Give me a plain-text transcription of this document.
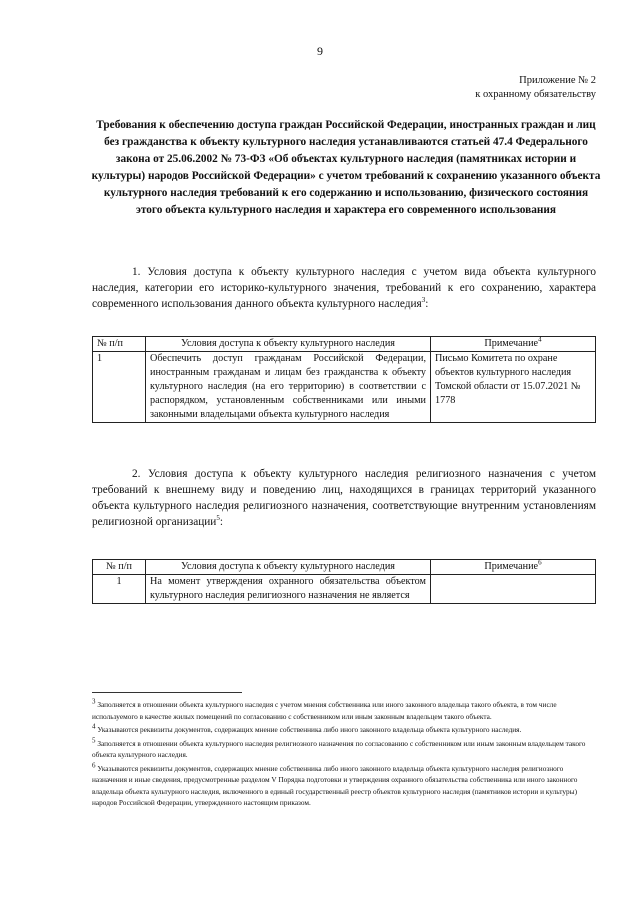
9
Приложение № 2
к охранному обязательству
Требования к обеспечению доступа граждан Российской Федерации, иностранных граждан и лиц без гражданства к объекту культурного наследия устанавливаются статьей 47.4 Федерального закона от 25.06.2002 № 73-ФЗ «Об объектах культурного наследия (памятниках истории и культуры) народов Российской Федерации» с учетом требований к сохранению указанного объекта культурного наследия требований к его содержанию и использованию, физического состояния этого объекта культурного наследия и характера его современного использования
1. Условия доступа к объекту культурного наследия с учетом вида объекта культурного наследия, категории его историко-культурного значения, требований к его сохранению, характера современного использования данного объекта культурного наследия$^3$:
№ п/п	Условия доступа к объекту культурного наследия	Примечание$^4$
1	Обеспечить доступ гражданам Российской Федерации, иностранным гражданам и лицам без гражданства к объекту культурного наследия (на его территорию) в соответствии с распорядком, установленным собственниками или иными законными владельцами объекта культурного наследия	Письмо Комитета по охране объектов культурного наследия Томской области от 15.07.2021 № 1778
2. Условия доступа к объекту культурного наследия религиозного назначения с учетом требований к внешнему виду и поведению лиц, находящихся в границах территорий указанного объекта культурного наследия религиозного назначения, соответствующие внутренним установлениям религиозной организации$^5$:
№ п/п	Условия доступа к объекту культурного наследия	Примечание$^6$
1	На момент утверждения охранного обязательства объектом культурного наследия религиозного назначения не является	
$^3$ Заполняется в отношении объекта культурного наследия с учетом мнения собственника или иного законного владельца такого объекта, в том числе используемого в качестве жилых помещений по согласованию с собственником или иным законным владельцем такого объекта.
$^4$ Указываются реквизиты документов, содержащих мнение собственника либо иного законного владельца объекта культурного наследия.
$^5$ Заполняется в отношении объекта культурного наследия религиозного назначения по согласованию с собственником или иным законным владельцем такого объекта культурного наследия.
$^6$ Указываются реквизиты документов, содержащих мнение собственника либо иного законного владельца объекта культурного наследия религиозного назначения и иные сведения, предусмотренные разделом V Порядка подготовки и утверждения охранного обязательства собственника или иного законного владельца объекта культурного наследия, включенного в единый государственный реестр объектов культурного наследия (памятников истории и культуры) народов Российской Федерации, утвержденного настоящим приказом.
